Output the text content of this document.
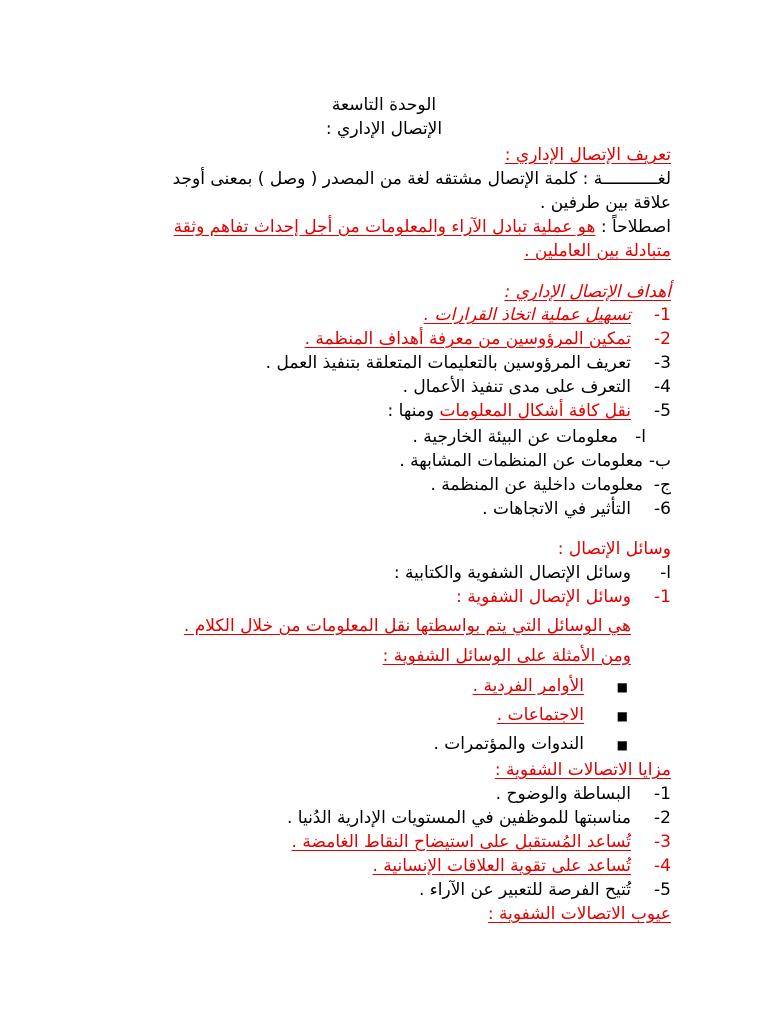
الوحدة التاسعة
الإتصال الإداري :
تعريف الإتصال الإداري :
لغـــــــــــة : كلمة الإتصال مشتقه لغة من المصدر ( وصل ) بمعنى أوجد
علاقة بين طرفين .
اصطلاحاً : هو عملية تبادل الآراء والمعلومات من أجل إحداث تفاهم وثقة
متبادلة بين العاملين .
أهداف الإتصال الإداري :
1-تسهيل عملية اتخاذ القرارات .
2-تمكين المرؤوسين من معرفة أهداف المنظمة .
3-تعريف المرؤوسين بالتعليمات المتعلقة بتنفيذ العمل .
4-التعرف على مدى تنفيذ الأعمال .
5-نقل كافة أشكال المعلومات ومنها :
ا-معلومات عن البيئة الخارجية .
ب-معلومات عن المنظمات المشابهة .
ج-معلومات داخلية عن المنظمة .
6-التأثير في الاتجاهات .
وسائل الإتصال :
ا-وسائل الإتصال الشفوية والكتابية :
1-وسائل الإتصال الشفوية :
هي الوسائل التي يتم بواسطتها نقل المعلومات من خلال الكلام .
ومن الأمثلة على الوسائل الشفوية :
■الأوامر الفردية .
■الاجتماعات .
■الندوات والمؤتمرات .
مزايا الاتصالات الشفوية :
1-البساطة والوضوح .
2-مناسبتها للموظفين في المستويات الإدارية الدُنيا .
3-تُساعد المُستقبل على استيضاح النقاط الغامضة .
4-تُساعد على تقوية العلاقات الإنسانية .
5-تُتيح الفرصة للتعبير عن الآراء .
عيوب الاتصالات الشفوية :
